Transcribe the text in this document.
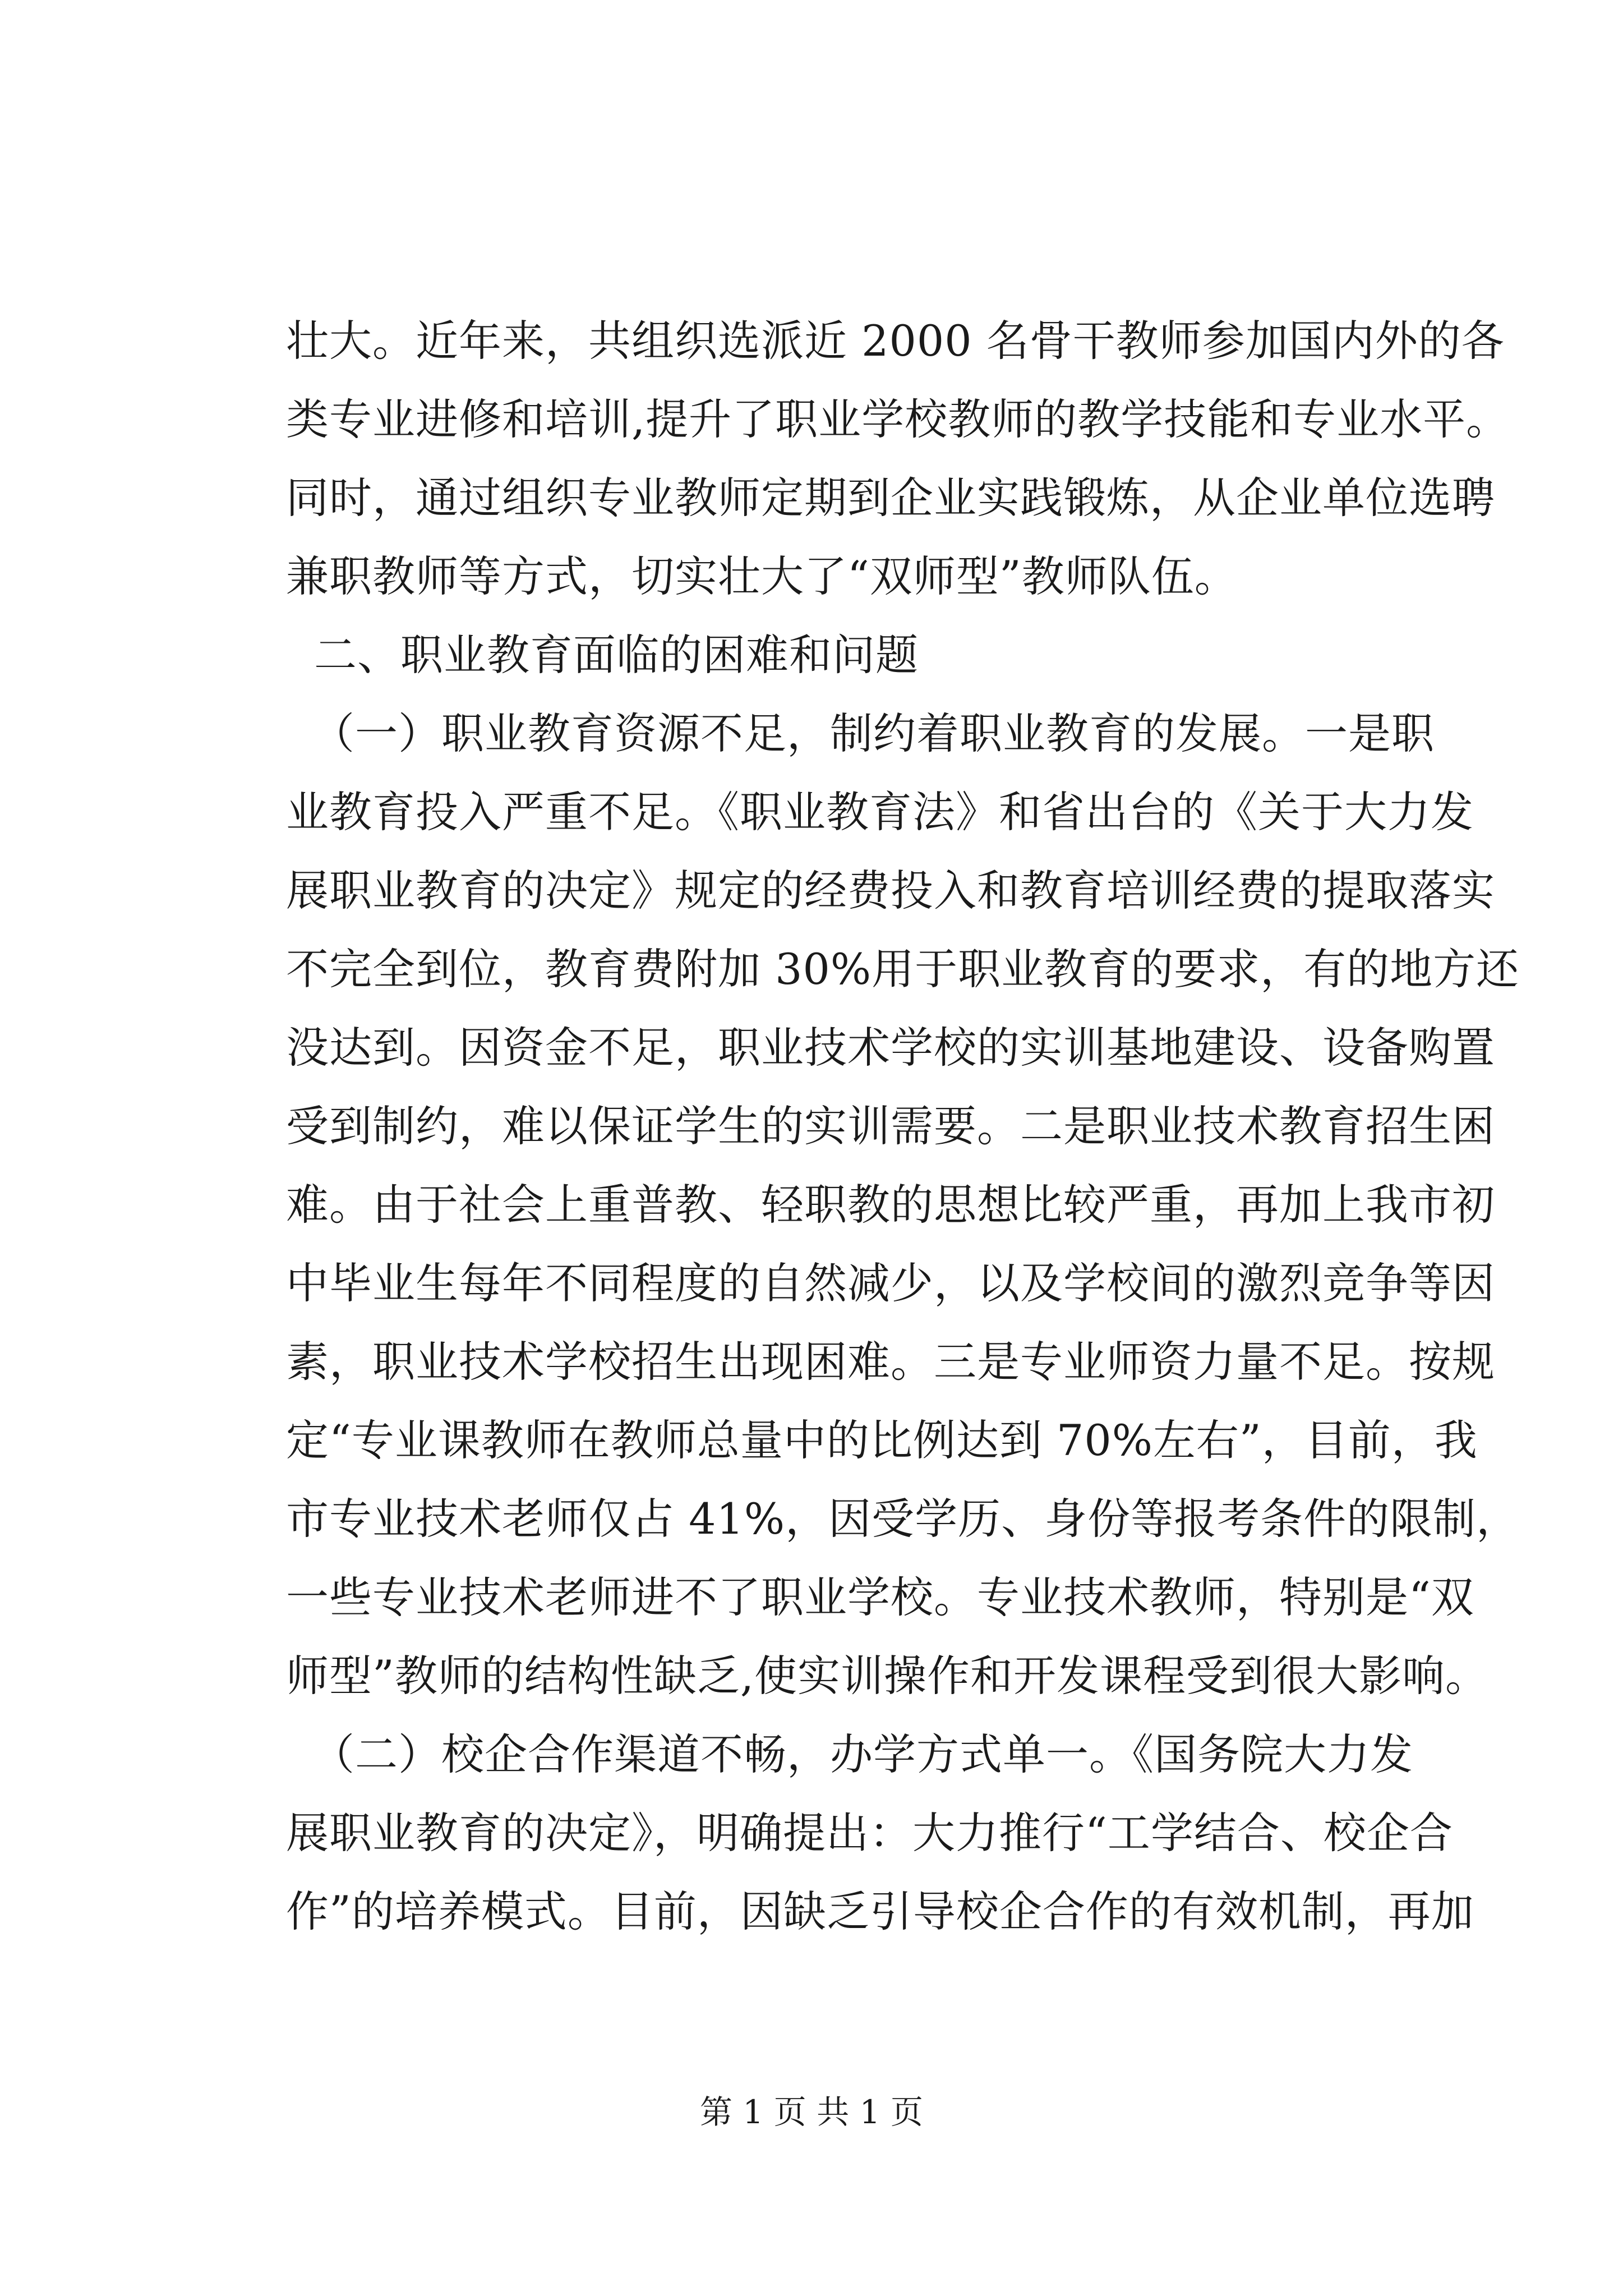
壮大。近年来，共组织选派近 2000 名骨干教师参加国内外的各
类专业进修和培训,提升了职业学校教师的教学技能和专业水平。
同时，通过组织专业教师定期到企业实践锻炼，从企业单位选聘
兼职教师等方式，切实壮大了“双师型”教师队伍。
二、职业教育面临的困难和问题
（一）职业教育资源不足，制约着职业教育的发展。一是职
业教育投入严重不足。《职业教育法》和省出台的《关于大力发
展职业教育的决定》规定的经费投入和教育培训经费的提取落实
不完全到位，教育费附加 30%用于职业教育的要求，有的地方还
没达到。因资金不足，职业技术学校的实训基地建设、设备购置
受到制约，难以保证学生的实训需要。二是职业技术教育招生困
难。由于社会上重普教、轻职教的思想比较严重，再加上我市初
中毕业生每年不同程度的自然减少，以及学校间的激烈竞争等因
素，职业技术学校招生出现困难。三是专业师资力量不足。按规
定“专业课教师在教师总量中的比例达到 70%左右”，目前，我
市专业技术老师仅占 41%，因受学历、身份等报考条件的限制，
一些专业技术老师进不了职业学校。专业技术教师，特别是“双
师型”教师的结构性缺乏,使实训操作和开发课程受到很大影响。
（二）校企合作渠道不畅，办学方式单一。《国务院大力发
展职业教育的决定》，明确提出：大力推行“工学结合、校企合
作”的培养模式。目前，因缺乏引导校企合作的有效机制，再加
第 1 页 共 1 页
